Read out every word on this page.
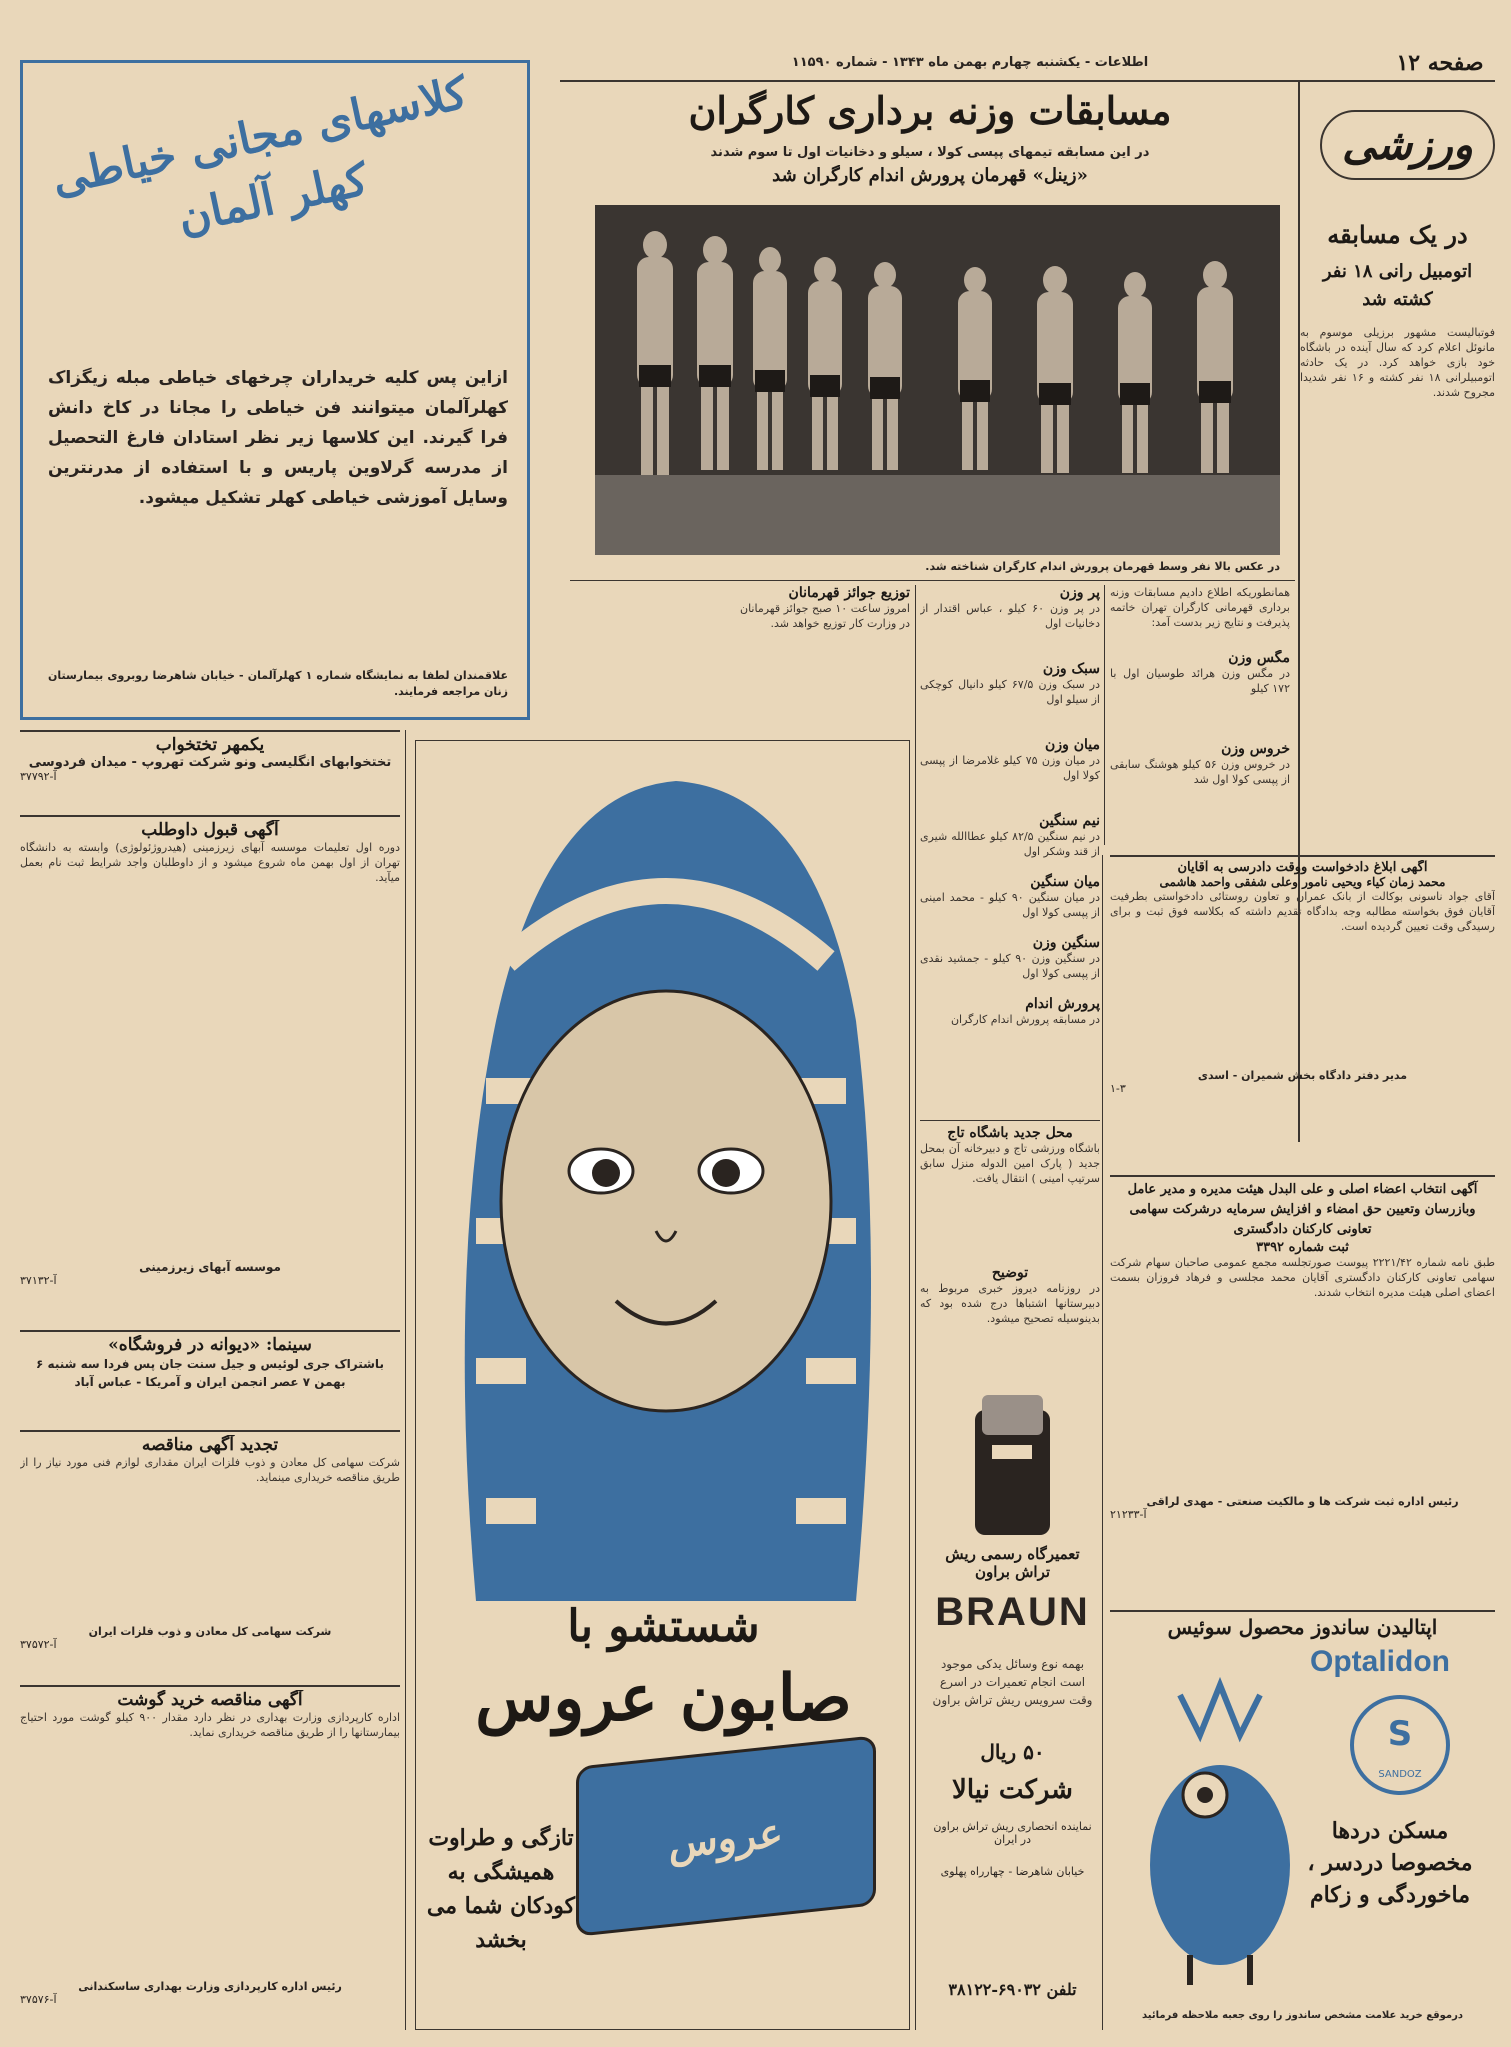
صفحه ۱۲
اطلاعات - یکشنبه چهارم بهمن ماه ۱۳۴۳ - شماره ۱۱۵۹۰
ورزشی
در یک مسابقه
اتومبیل رانی ۱۸ نفر کشته شد
فوتبالیست مشهور برزیلی موسوم به مانوئل اعلام کرد که سال آینده در باشگاه خود بازی خواهد کرد. در یک حادثه اتومبیلرانی ۱۸ نفر کشته و ۱۶ نفر شدیدا مجروح شدند.
مسابقات وزنه برداری کارگران
در این مسابقه تیمهای پپسی کولا ، سیلو و دخانیات اول تا سوم شدند
«زینل» قهرمان پرورش اندام کارگران شد
در عکس بالا نفر وسط قهرمان پرورش اندام کارگران شناخته شد.
همانطوریکه اطلاع دادیم مسابقات وزنه برداری قهرمانی کارگران تهران خاتمه پذیرفت و نتایج زیر بدست آمد:
مگس وزن
در مگس وزن هرائد طوسیان اول با ۱۷۲ کیلو
خروس وزن
در خروس وزن ۵۶ کیلو هوشنگ سابقی از پپسی کولا اول شد
پر وزن
در پر وزن ۶۰ کیلو ، عباس اقتدار از دخانیات اول
سبک وزن
در سبک وزن ۶۷/۵ کیلو دانیال کوچکی از سیلو اول
میان وزن
در میان وزن ۷۵ کیلو غلامرضا از پپسی کولا اول
نیم سنگین
در نیم سنگین ۸۲/۵ کیلو عطاالله شیری از قند وشکر اول
میان سنگین
در میان سنگین ۹۰ کیلو - محمد امینی از پپسی کولا اول
سنگین وزن
در سنگین وزن ۹۰ کیلو - جمشید نقدی از پپسی کولا اول
پرورش اندام
در مسابقه پرورش اندام کارگران
توزیع جوائز قهرمانان
امروز ساعت ۱۰ صبح جوائز قهرمانان در وزارت کار توزیع خواهد شد.
محل جدید باشگاه تاج
باشگاه ورزشی تاج و دبیرخانه آن بمحل جدید ( پارک امین الدوله منزل سابق سرتیپ امینی ) انتقال یافت.
توضیح
در روزنامه دیروز خبری مربوط به دبیرستانها اشتباها درج شده بود که بدینوسیله تصحیح میشود.
آگهی ابلاغ دادخواست ووقت دادرسی به آقایان
محمد زمان کیاء ویحیی نامور وعلی شفقی واحمد هاشمی
آقای جواد ناسونی بوکالت از بانک عمران و تعاون روستائی دادخواستی بطرفیت آقایان فوق بخواسته مطالبه وجه بدادگاه تقدیم داشته که بکلاسه فوق ثبت و برای رسیدگی وقت تعیین گردیده است.
مدیر دفتر دادگاه بخش شمیران - اسدی
۱-۳
آگهی انتخاب اعضاء اصلی و علی البدل هیئت مدیره و مدیر عامل وبازرسان وتعیین حق امضاء و افزایش سرمایه درشرکت سهامی تعاونی کارکنان دادگستری
ثبت شماره ۳۳۹۲
طبق نامه شماره ۲۲۲۱/۴۲ پیوست صورتجلسه مجمع عمومی صاحبان سهام شرکت سهامی تعاونی کارکنان دادگستری آقایان محمد مجلسی و فرهاد فروزان بسمت اعضای اصلی هیئت مدیره انتخاب شدند.
رئیس اداره ثبت شرکت ها و مالکیت صنعتی - مهدی لراقی
آ-۲۱۲۳۳
اپتالیدن ساندوز محصول سوئیس
Optalidon
S
SANDOZ
مسکن دردها مخصوصا دردسر ، ماخوردگی و زکام
درموقع خرید علامت مشخص ساندوز را روی جعبه ملاحظه فرمائید
شستشو با
صابون عروس
عروس
تازگی و طراوت همیشگی به کودکان شما می بخشد
تعمیرگاه رسمی ریش تراش براون
BRAUN
بهمه نوع وسائل یدکی موجود است انجام تعمیرات در اسرع وقت سرویس ریش تراش براون
۵۰ ریال
شرکت نیالا
نماینده انحصاری ریش تراش براون در ایران
خیابان شاهرضا - چهارراه پهلوی
تلفن ۶۹۰۳۲-۳۸۱۲۲
کلاسهای مجانی خیاطی کهلر آلمان
ازاین پس کلیه خریداران چرخهای خیاطی مبله زیگزاک کهلرآلمان میتوانند فن خیاطی را مجانا در کاخ دانش فرا گیرند. این کلاسها زیر نظر استادان فارغ التحصیل از مدرسه گرلاوین پاریس و با استفاده از مدرنترین وسایل آموزشی خیاطی کهلر تشکیل میشود.
علاقمندان لطفا به نمایشگاه شماره ۱ کهلرآلمان - خیابان شاهرضا روبروی بیمارستان زنان مراجعه فرمایند.
یکمهر تختخواب
تختخوابهای انگلیسی ونو شرکت تهروپ - میدان فردوسی
آ-۳۷۷۹۲
آگهی قبول داوطلب
دوره اول تعلیمات موسسه آبهای زیرزمینی (هیدروژئولوژی) وابسته به دانشگاه تهران از اول بهمن ماه شروع میشود و از داوطلبان واجد شرایط ثبت نام بعمل میآید.
موسسه آبهای زیرزمینی
آ-۳۷۱۳۲
سینما: «دیوانه در فروشگاه»
باشتراک جری لوئیس و جیل سنت جان پس فردا سه شنبه ۶ بهمن ۷ عصر انجمن ایران و آمریکا - عباس آباد
تجدید آگهی مناقصه
شرکت سهامی کل معادن و ذوب فلزات ایران مقداری لوازم فنی مورد نیاز را از طریق مناقصه خریداری مینماید.
شرکت سهامی کل معادن و ذوب فلزات ایران
آ-۳۷۵۷۲
آگهی مناقصه خرید گوشت
اداره کارپردازی وزارت بهداری در نظر دارد مقدار ۹۰۰ کیلو گوشت مورد احتیاج بیمارستانها را از طریق مناقصه خریداری نماید.
رئیس اداره کارپردازی وزارت بهداری ساسکندانی
آ-۳۷۵۷۶
